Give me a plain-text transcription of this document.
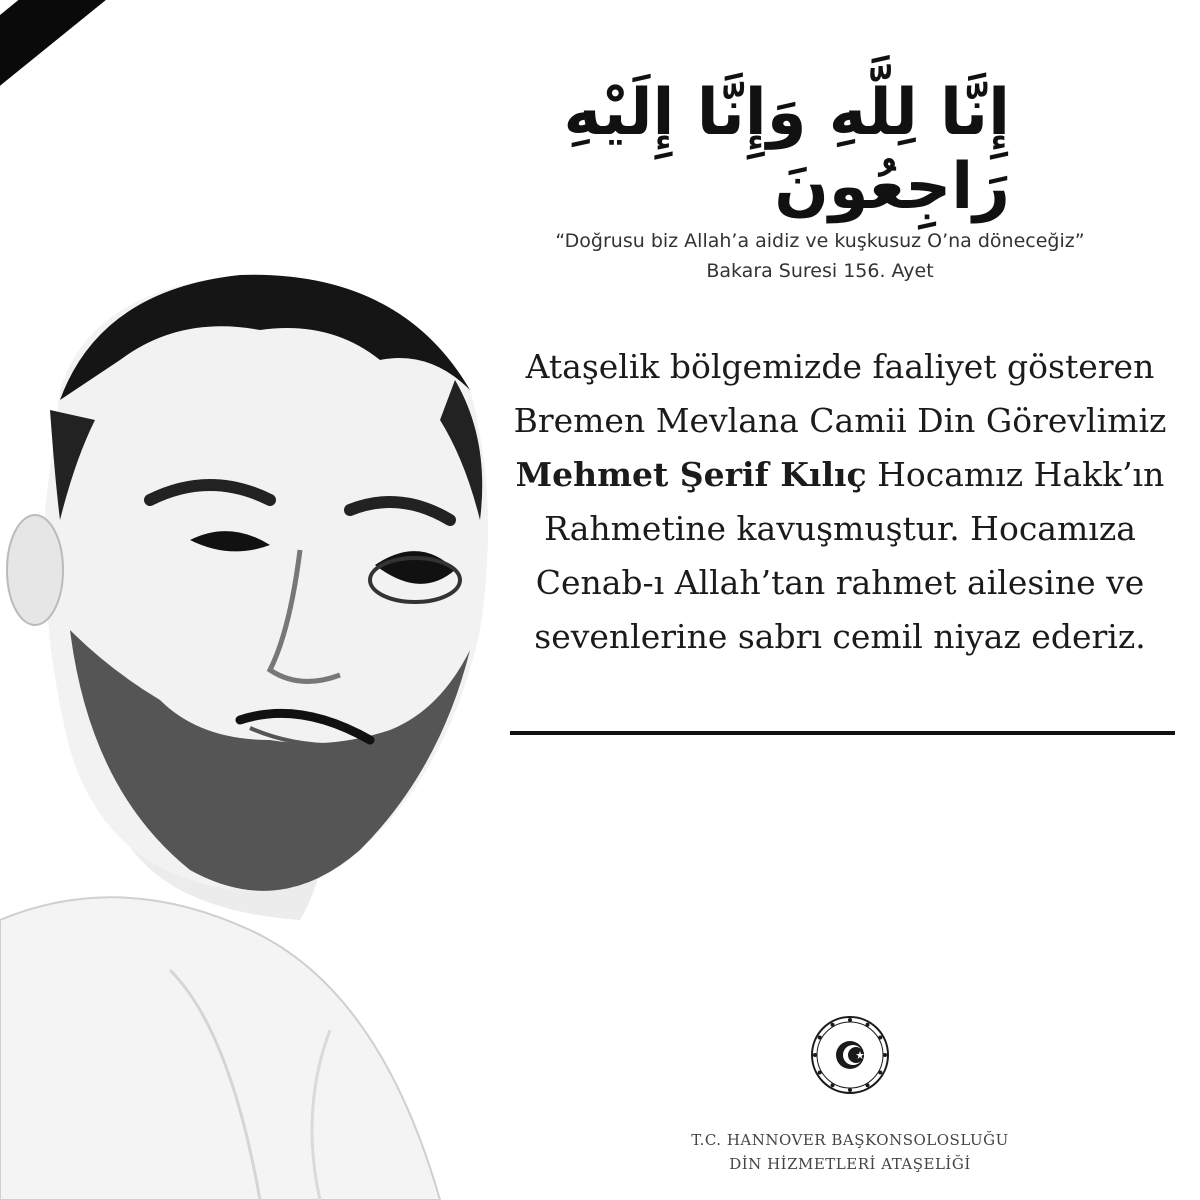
إِنَّا لِلَّهِ وَإِنَّا إِلَيْهِ رَاجِعُونَ
“Doğrusu biz Allah’a aidiz ve kuşkusuz O’na döneceğiz”
Bakara Suresi 156. Ayet
Ataşelik bölgemizde faaliyet gösteren Bremen Mevlana Camii Din Görevlimiz Mehmet Şerif Kılıç Hocamız Hakk’ın Rahmetine kavuşmuştur. Hocamıza Cenab-ı Allah’tan rahmet ailesine ve sevenlerine sabrı cemil niyaz ederiz.
T.C. HANNOVER BAŞKONSOLOSLUĞU
DİN HİZMETLERİ ATAŞELİĞİ
